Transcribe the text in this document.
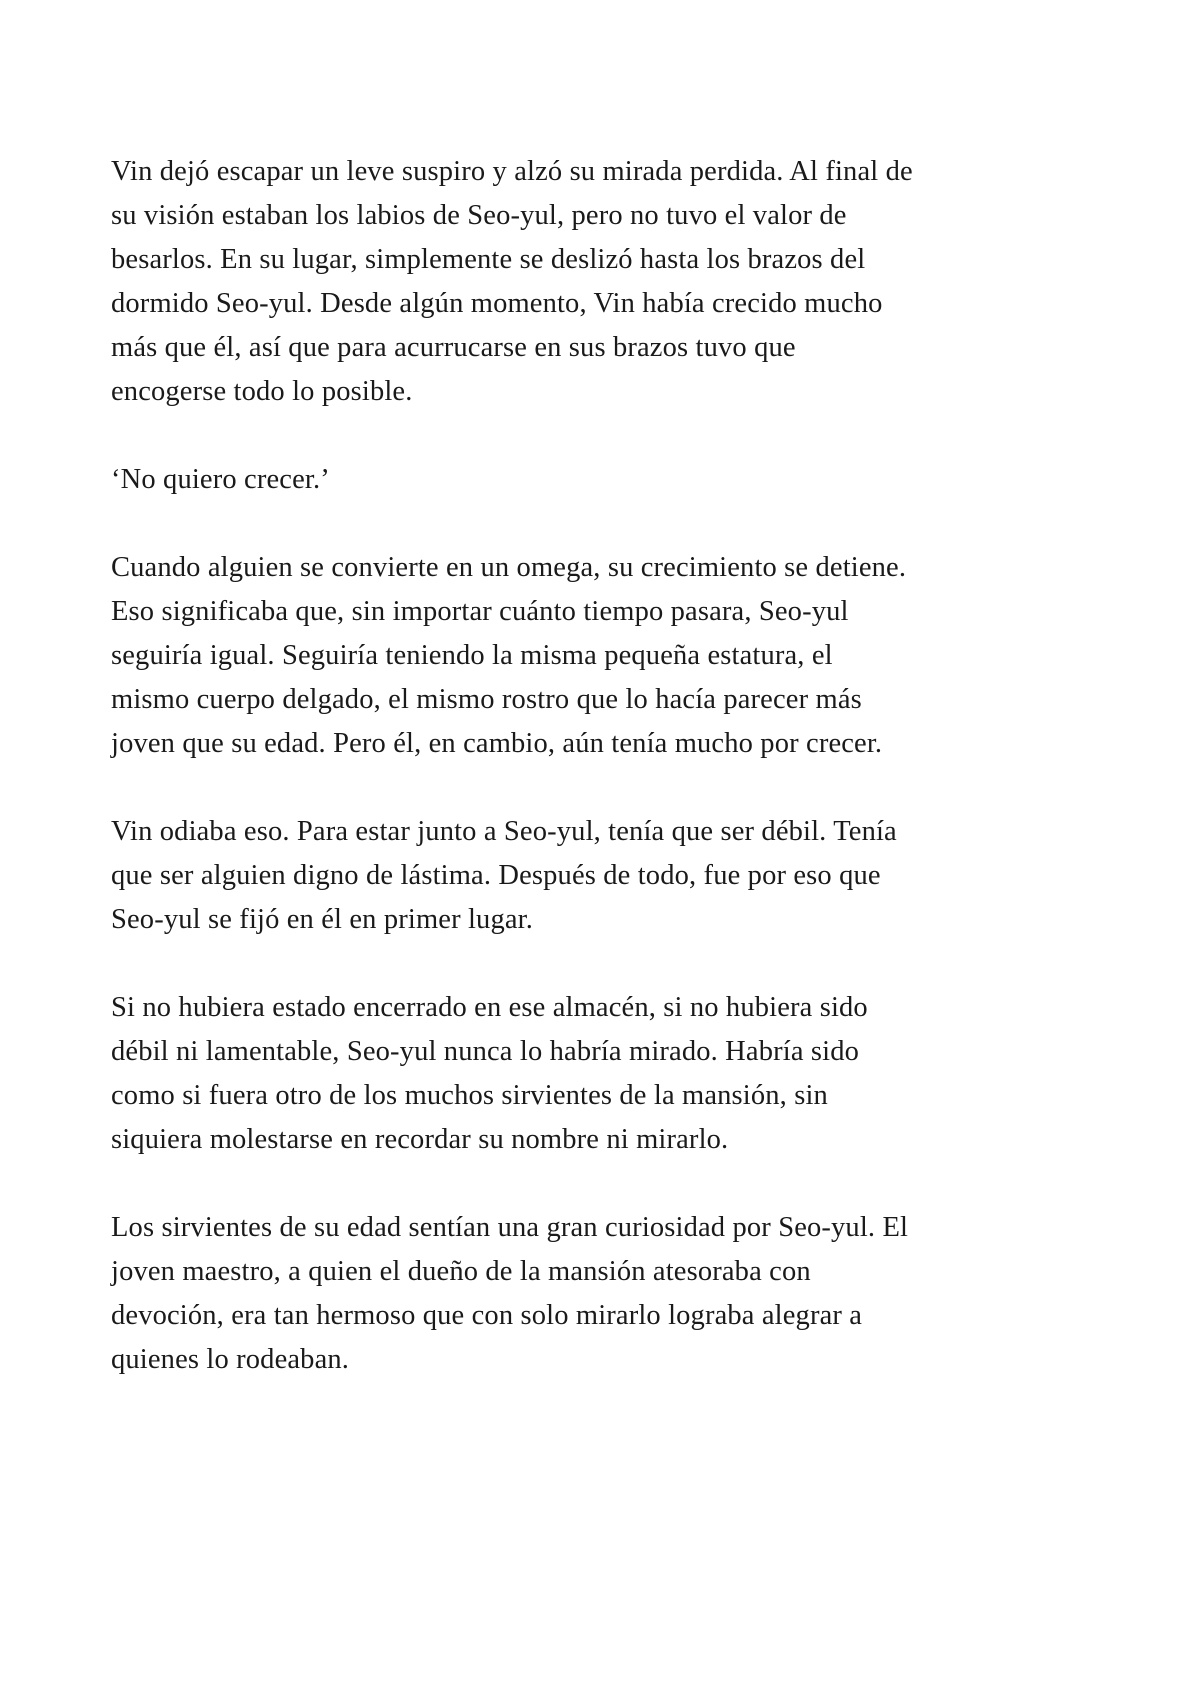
Vin dejó escapar un leve suspiro y alzó su mirada perdida. Al final de
su visión estaban los labios de Seo-yul, pero no tuvo el valor de
besarlos. En su lugar, simplemente se deslizó hasta los brazos del
dormido Seo-yul. Desde algún momento, Vin había crecido mucho
más que él, así que para acurrucarse en sus brazos tuvo que
encogerse todo lo posible.

‘No quiero crecer.’

Cuando alguien se convierte en un omega, su crecimiento se detiene.
Eso significaba que, sin importar cuánto tiempo pasara, Seo-yul
seguiría igual. Seguiría teniendo la misma pequeña estatura, el
mismo cuerpo delgado, el mismo rostro que lo hacía parecer más
joven que su edad. Pero él, en cambio, aún tenía mucho por crecer.

Vin odiaba eso. Para estar junto a Seo-yul, tenía que ser débil. Tenía
que ser alguien digno de lástima. Después de todo, fue por eso que
Seo-yul se fijó en él en primer lugar.

Si no hubiera estado encerrado en ese almacén, si no hubiera sido
débil ni lamentable, Seo-yul nunca lo habría mirado. Habría sido
como si fuera otro de los muchos sirvientes de la mansión, sin
siquiera molestarse en recordar su nombre ni mirarlo.

Los sirvientes de su edad sentían una gran curiosidad por Seo-yul. El
joven maestro, a quien el dueño de la mansión atesoraba con
devoción, era tan hermoso que con solo mirarlo lograba alegrar a
quienes lo rodeaban.
